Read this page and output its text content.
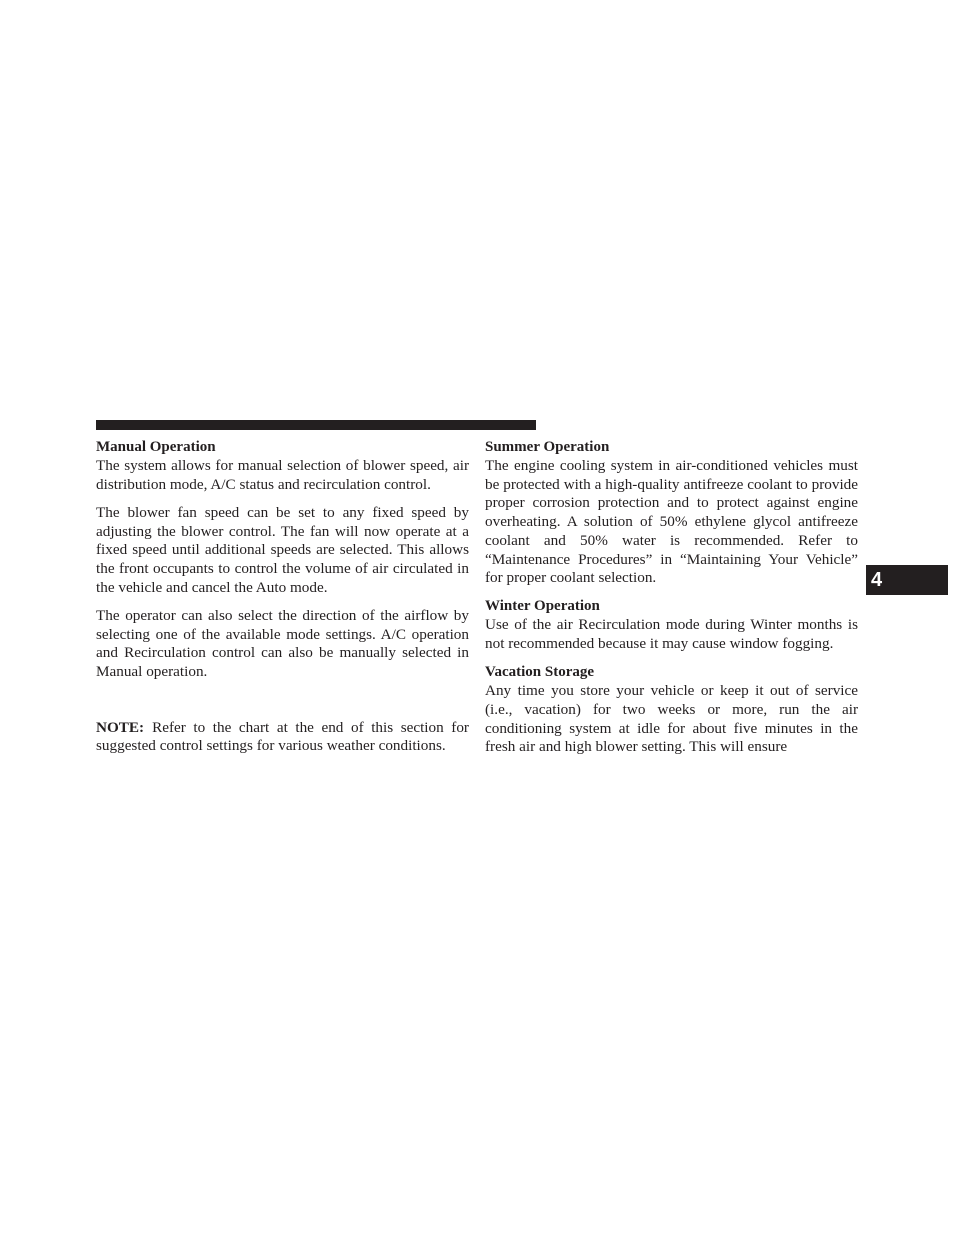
Manual Operation

The system allows for manual selection of blower speed, air distribution mode, A/C status and recirculation control.

The blower fan speed can be set to any fixed speed by adjusting the blower control. The fan will now operate at a fixed speed until additional speeds are selected. This allows the front occupants to control the volume of air circulated in the vehicle and cancel the Auto mode.

The operator can also select the direction of the airflow by selecting one of the available mode settings. A/C operation and Recirculation control can also be manually selected in Manual operation.

NOTE: Refer to the chart at the end of this section for suggested control settings for various weather conditions.

Summer Operation

The engine cooling system in air-conditioned vehicles must be protected with a high-quality antifreeze coolant to provide proper corrosion protection and to protect against engine overheating. A solution of 50% ethylene glycol antifreeze coolant and 50% water is recommended. Refer to “Maintenance Procedures” in “Maintaining Your Vehicle” for proper coolant selection.

Winter Operation

Use of the air Recirculation mode during Winter months is not recommended because it may cause window fogging.

Vacation Storage

Any time you store your vehicle or keep it out of service (i.e., vacation) for two weeks or more, run the air conditioning system at idle for about five minutes in the fresh air and high blower setting. This will ensure

4
